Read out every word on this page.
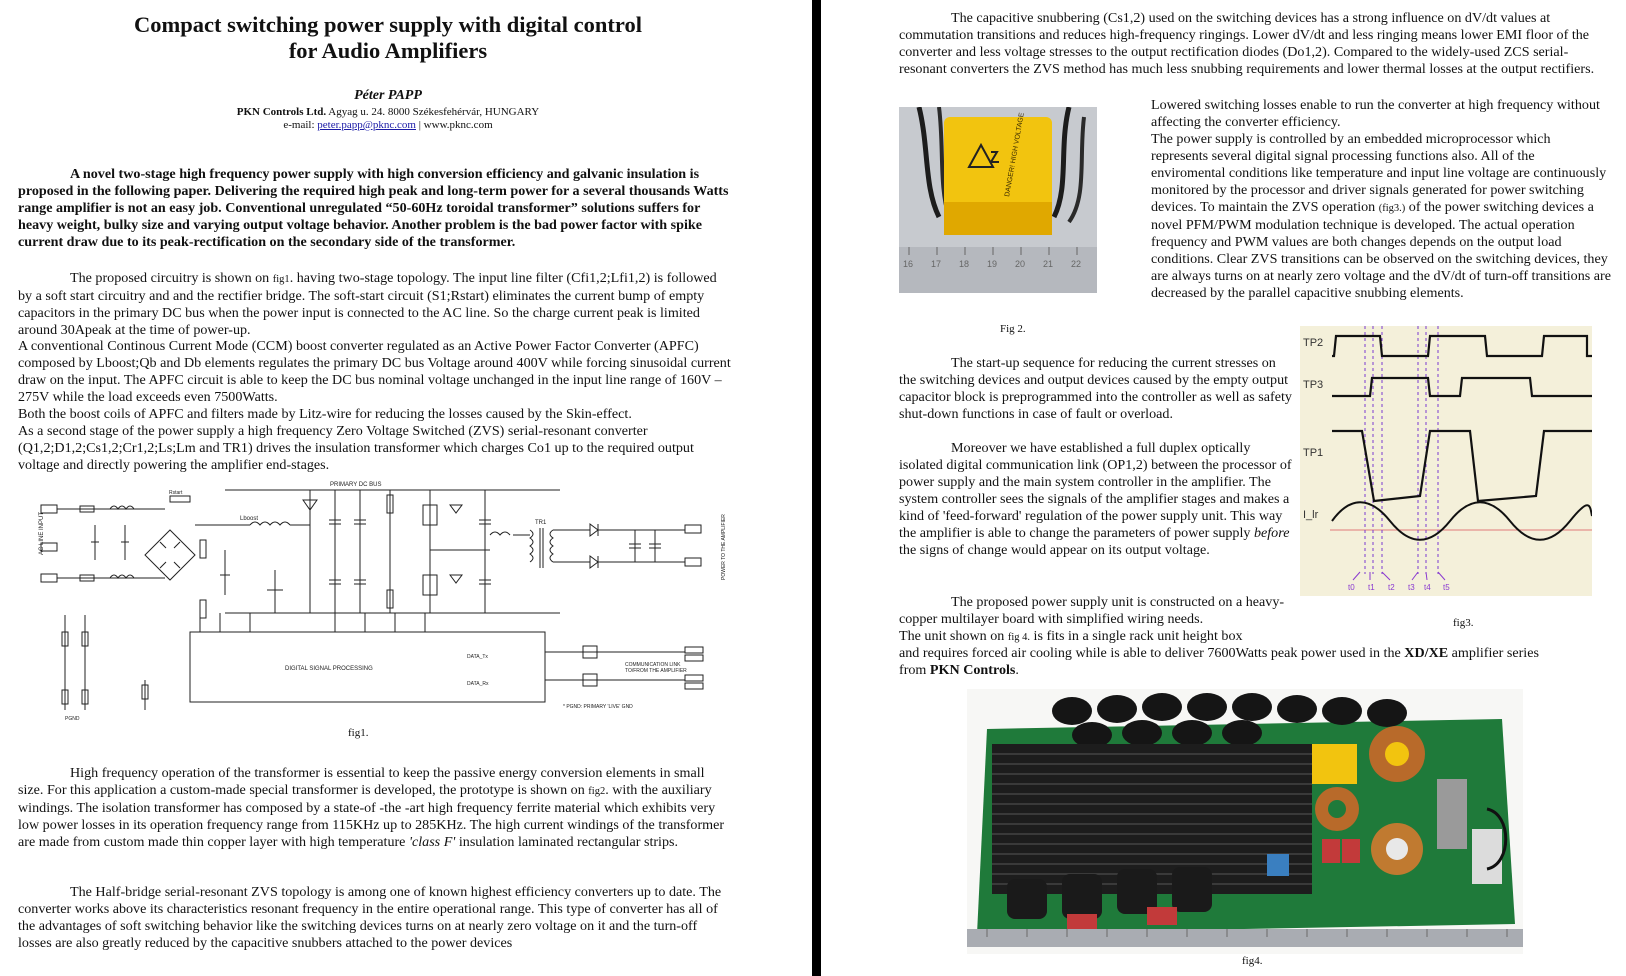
Compact switching power supply with digital control
for Audio Amplifiers
Péter PAPP
PKN Controls Ltd. Agyag u. 24. 8000 Székesfehérvár, HUNGARY
e-mail: peter.papp@pknc.com | www.pknc.com

A novel two-stage high frequency power supply with high conversion efficiency and galvanic insulation is proposed in the following paper. Delivering the required high peak and long-term power for a several thousands Watts range amplifier is not an easy job. Conventional unregulated “50-60Hz toroidal transformer” solutions suffers for heavy weight, bulky size and varying output voltage behavior. Another problem is the bad power factor with spike current draw due to its peak-rectification on the secondary side of the transformer.

The proposed circuitry is shown on fig1. having two-stage topology. The input line filter (Cfi1,2;Lfi1,2) is followed by a soft start circuitry and and the rectifier bridge. The soft-start circuit (S1;Rstart) eliminates the current bump of empty capacitors in the primary DC bus when the power input is connected to the AC line. So the charge current peak is limited around 30Apeak at the time of power-up.

A conventional Continous Current Mode (CCM) boost converter regulated as an Active Power Factor Converter (APFC) composed by Lboost;Qb and Db elements regulates the primary DC bus Voltage around 400V while forcing sinusoidal current draw on the input. The APFC circuit is able to keep the DC bus nominal voltage unchanged in the input line range of 160V – 275V while the load exceeds even 7500Watts.

Both the boost coils of APFC and filters made by Litz-wire for reducing the losses caused by the Skin-effect.

As a second stage of the power supply a high frequency Zero Voltage Switched (ZVS) serial-resonant converter (Q1,2;D1,2;Cs1,2;Cr1,2;Ls;Lm and TR1) drives the insulation transformer which charges Co1 up to the required output voltage and directly powering the amplifier end-stages.

PRIMARY DC BUS
AC LINE INPUT
Rstart
Lboost
TR1	POWER TO THE AMPLIFIER
DIGITAL SIGNAL PROCESSING
DATA_Tx
DATA_Rx
COMMUNICATION LINK
TO/FROM THE AMPLIFIER
* PGND: PRIMARY 'LIVE' GND
PGND
fig1.

High frequency operation of the transformer is essential to keep the passive energy conversion elements in small size. For this application a custom-made special transformer is developed, the prototype is shown on fig2. with the auxiliary windings. The isolation transformer has composed by a state-of -the -art high frequency ferrite material which exhibits very low power losses in its operation frequency range from 115KHz up to 285KHz. The high current windings of the transformer are made from custom made thin copper layer with high temperature 'class F' insulation laminated rectangular strips.

The Half-bridge serial-resonant ZVS topology is among one of known highest efficiency converters up to date. The converter works above its characteristics resonant frequency in the entire operational range. This type of converter has all of the advantages of soft switching behavior like the switching devices turns on at nearly zero voltage on it and the turn-off losses are also greatly reduced by the capacitive snubbers attached to the power devices

The capacitive snubbering (Cs1,2) used on the switching devices has a strong influence on dV/dt values at commutation transitions and reduces high-frequency ringings. Lower dV/dt and less ringing means lower EMI floor of the converter and less voltage stresses to the output rectification diodes (Do1,2). Compared to the widely-used ZCS serial-resonant converters the ZVS method has much less snubbing requirements and lower thermal losses at the output rectifiers.

DANGER! HIGH VOLTAGE
16 17 18 19 20 21 22

Lowered switching losses enable to run the converter at high frequency without affecting the converter efficiency.

The power supply is controlled by an embedded microprocessor which represents several digital signal processing functions also. All of the enviromental conditions like temperature and input line voltage are continuously monitored by the processor and driver signals generated for power switching devices. To maintain the ZVS operation (fig3.) of the power switching devices a novel PFM/PWM modulation technique is developed. The actual operation frequency and PWM values are both changes depends on the output load conditions. Clear ZVS transitions can be observed on the switching devices, they are always turns on at nearly zero voltage and the dV/dt of turn-off transitions are decreased by the parallel capacitive snubbing elements.

Fig 2.

The start-up sequence for reducing the current stresses on the switching devices and output devices caused by the empty output capacitor block is preprogrammed into the controller as well as safety shut-down functions in case of fault or overload.

Moreover we have established a full duplex optically isolated digital communication link (OP1,2) between the processor of power supply and the main system controller in the amplifier. The system controller sees the signals of the amplifier stages and makes a kind of 'feed-forward' regulation of the power supply unit. This way the amplifier is able to change the parameters of power supply before the signs of change would appear on its output voltage.

TP2
TP3
TP1
I_lr
t0 t1 t2 t3 t4 t5
fig3.

The proposed power supply unit is constructed on a heavy-copper multilayer board with simplified wiring needs.

The unit shown on fig 4. is fits in a single rack unit height box

and requires forced air cooling while is able to deliver 7600Watts peak power used in the XD/XE amplifier series

from PKN Controls.

fig4.
